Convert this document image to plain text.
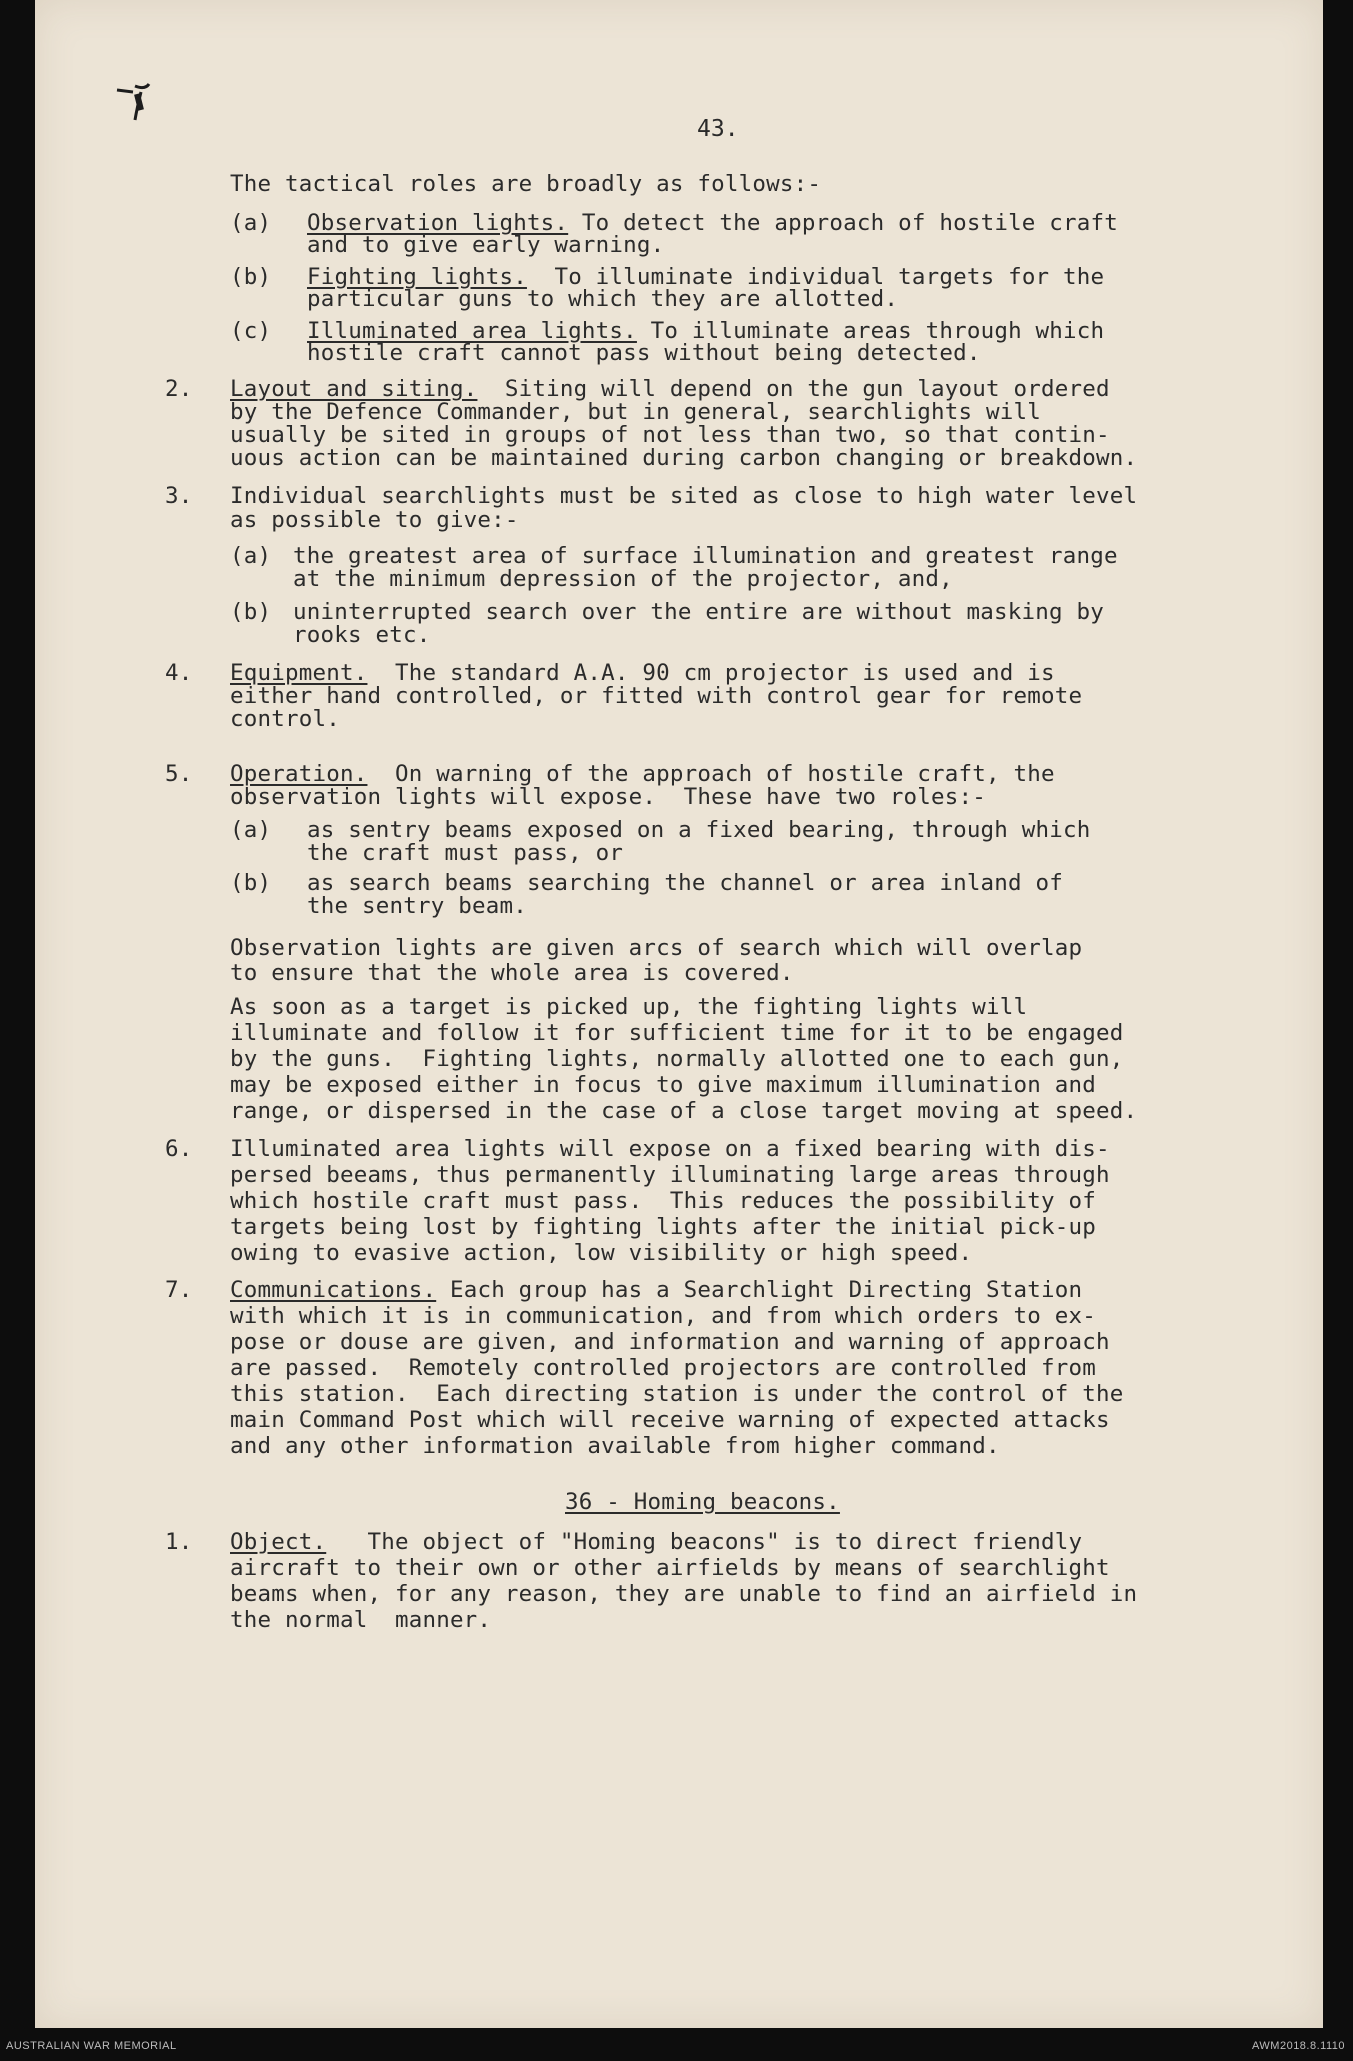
43.
The tactical roles are broadly as follows:-
(a) Observation lights. To detect the approach of hostile craft
and to give early warning.
(b) Fighting lights.  To illuminate individual targets for the
particular guns to which they are allotted.
(c) Illuminated area lights. To illuminate areas through which
hostile craft cannot pass without being detected.
2. Layout and siting.  Siting will depend on the gun layout ordered
by the Defence Commander, but in general, searchlights will
usually be sited in groups of not less than two, so that contin-
uous action can be maintained during carbon changing or breakdown.
3. Individual searchlights must be sited as close to high water level
as possible to give:-
(a) the greatest area of surface illumination and greatest range
at the minimum depression of the projector, and,
(b) uninterrupted search over the entire are without masking by
rooks etc.
4. Equipment.  The standard A.A. 90 cm projector is used and is
either hand controlled, or fitted with control gear for remote
control.
5. Operation.  On warning of the approach of hostile craft, the
observation lights will expose.  These have two roles:-
(a) as sentry beams exposed on a fixed bearing, through which
the craft must pass, or
(b) as search beams searching the channel or area inland of
the sentry beam.
Observation lights are given arcs of search which will overlap
to ensure that the whole area is covered.
As soon as a target is picked up, the fighting lights will
illuminate and follow it for sufficient time for it to be engaged
by the guns.  Fighting lights, normally allotted one to each gun,
may be exposed either in focus to give maximum illumination and
range, or dispersed in the case of a close target moving at speed.
6. Illuminated area lights will expose on a fixed bearing with dis-
persed beeams, thus permanently illuminating large areas through
which hostile craft must pass.  This reduces the possibility of
targets being lost by fighting lights after the initial pick-up
owing to evasive action, low visibility or high speed.
7. Communications. Each group has a Searchlight Directing Station
with which it is in communication, and from which orders to ex-
pose or douse are given, and information and warning of approach
are passed.  Remotely controlled projectors are controlled from
this station.  Each directing station is under the control of the
main Command Post which will receive warning of expected attacks
and any other information available from higher command.
36 - Homing beacons.
1. Object.   The object of "Homing beacons" is to direct friendly
aircraft to their own or other airfields by means of searchlight
beams when, for any reason, they are unable to find an airfield in
the normal  manner.
AUSTRALIAN WAR MEMORIAL	AWM2018.8.1110
